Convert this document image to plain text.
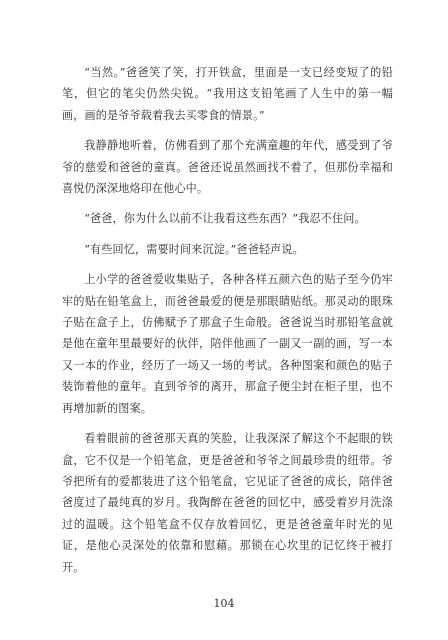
“当然。”爸爸笑了笑，打开铁盒，里面是一支已经变短了的铅笔，但它的笔尖仍然尖锐。“我用这支铅笔画了人生中的第一幅画，画的是爷爷载着我去买零食的情景。”

我静静地听着，仿佛看到了那个充满童趣的年代，感受到了爷爷的慈爱和爸爸的童真。爸爸还说虽然画找不着了，但那份幸福和喜悦仍深深地烙印在他心中。

“爸爸，你为什么以前不让我看这些东西？”我忍不住问。

“有些回忆，需要时间来沉淀。”爸爸轻声说。

上小学的爸爸爱收集贴子，各种各样五颜六色的贴子至今仍牢牢的贴在铅笔盒上，而爸爸最爱的便是那眼睛贴纸。那灵动的眼珠子贴在盒子上，仿佛赋予了那盒子生命般。爸爸说当时那铅笔盒就是他在童年里最要好的伙伴，陪伴他画了一副又一副的画，写一本又一本的作业，经历了一场又一场的考试。各种图案和颜色的贴子装饰着他的童年。直到爷爷的离开，那盒子便尘封在柜子里，也不再增加新的图案。

看着眼前的爸爸那天真的笑脸，让我深深了解这个不起眼的铁盒，它不仅是一个铅笔盒，更是爸爸和爷爷之间最珍贵的纽带。爷爷把所有的爱都装进了这个铅笔盒，它见证了爸爸的成长，陪伴爸爸度过了最纯真的岁月。我陶醉在爸爸的回忆中，感受着岁月洗涤过的温暖。这个铅笔盒不仅存放着回忆，更是爸爸童年时光的见证，是他心灵深处的依靠和慰藉。那锁在心坎里的记忆终于被打开。

104
